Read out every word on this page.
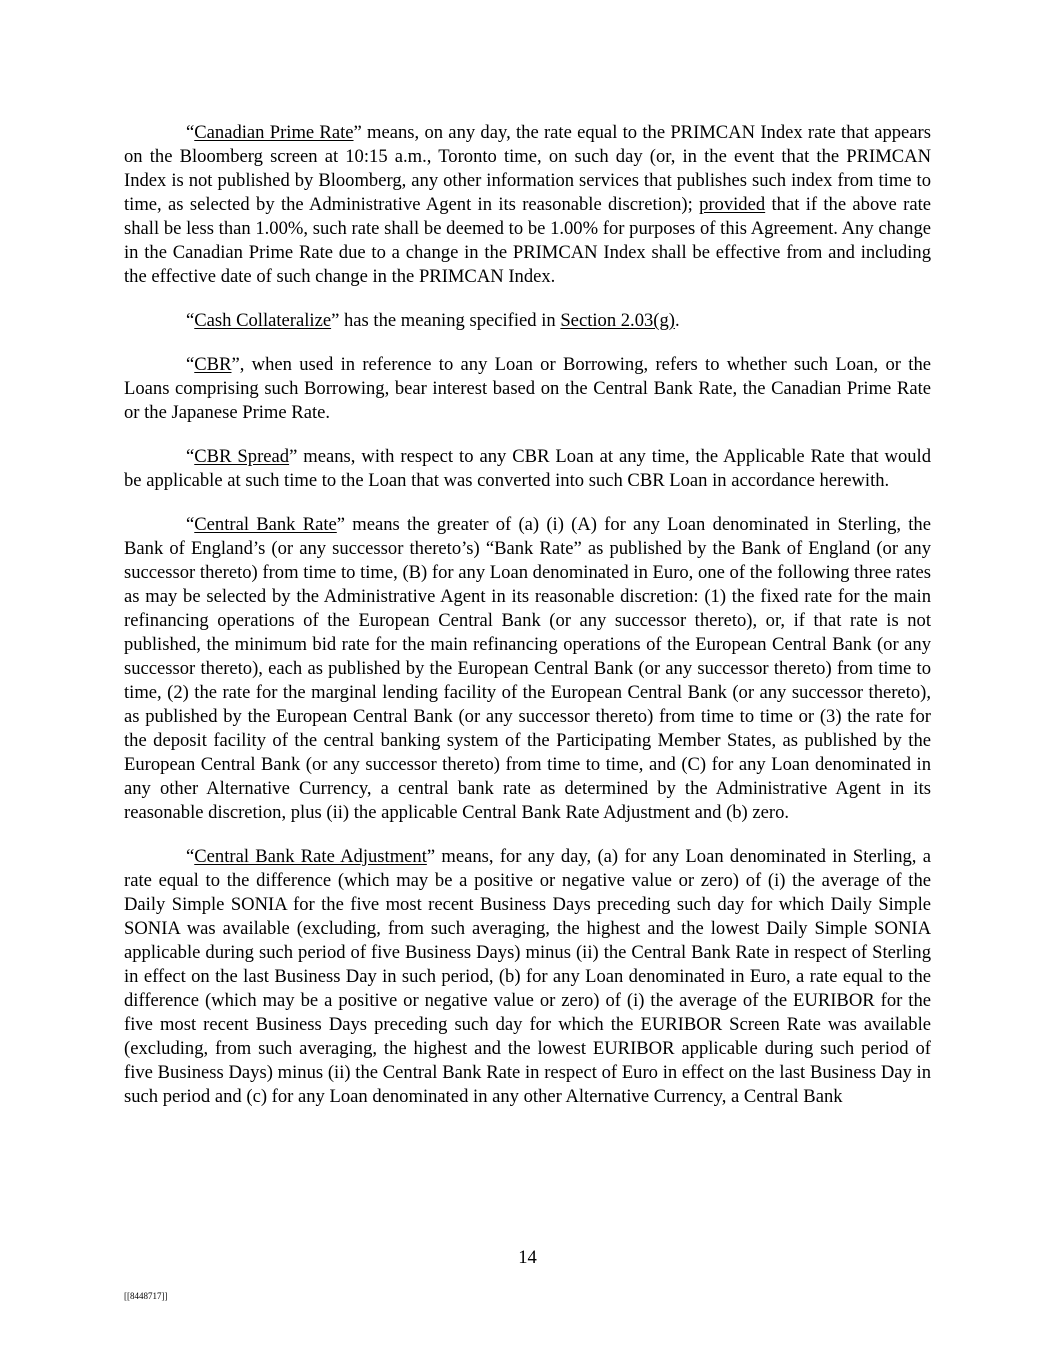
“Canadian Prime Rate” means, on any day, the rate equal to the PRIMCAN Index rate that appears on the Bloomberg screen at 10:15 a.m., Toronto time, on such day (or, in the event that the PRIMCAN Index is not published by Bloomberg, any other information services that publishes such index from time to time, as selected by the Administrative Agent in its reasonable discretion); provided that if the above rate shall be less than 1.00%, such rate shall be deemed to be 1.00% for purposes of this Agreement. Any change in the Canadian Prime Rate due to a change in the PRIMCAN Index shall be effective from and including the effective date of such change in the PRIMCAN Index.

“Cash Collateralize” has the meaning specified in Section 2.03(g).

“CBR”, when used in reference to any Loan or Borrowing, refers to whether such Loan, or the Loans comprising such Borrowing, bear interest based on the Central Bank Rate, the Canadian Prime Rate or the Japanese Prime Rate.

“CBR Spread” means, with respect to any CBR Loan at any time, the Applicable Rate that would be applicable at such time to the Loan that was converted into such CBR Loan in accordance herewith.

“Central Bank Rate” means the greater of (a) (i) (A) for any Loan denominated in Sterling, the Bank of England’s (or any successor thereto’s) “Bank Rate” as published by the Bank of England (or any successor thereto) from time to time, (B) for any Loan denominated in Euro, one of the following three rates as may be selected by the Administrative Agent in its reasonable discretion: (1) the fixed rate for the main refinancing operations of the European Central Bank (or any successor thereto), or, if that rate is not published, the minimum bid rate for the main refinancing operations of the European Central Bank (or any successor thereto), each as published by the European Central Bank (or any successor thereto) from time to time, (2) the rate for the marginal lending facility of the European Central Bank (or any successor thereto), as published by the European Central Bank (or any successor thereto) from time to time or (3) the rate for the deposit facility of the central banking system of the Participating Member States, as published by the European Central Bank (or any successor thereto) from time to time, and (C) for any Loan denominated in any other Alternative Currency, a central bank rate as determined by the Administrative Agent in its reasonable discretion, plus (ii) the applicable Central Bank Rate Adjustment and (b) zero.

“Central Bank Rate Adjustment” means, for any day, (a) for any Loan denominated in Sterling, a rate equal to the difference (which may be a positive or negative value or zero) of (i) the average of the Daily Simple SONIA for the five most recent Business Days preceding such day for which Daily Simple SONIA was available (excluding, from such averaging, the highest and the lowest Daily Simple SONIA applicable during such period of five Business Days) minus (ii) the Central Bank Rate in respect of Sterling in effect on the last Business Day in such period, (b) for any Loan denominated in Euro, a rate equal to the difference (which may be a positive or negative value or zero) of (i) the average of the EURIBOR for the five most recent Business Days preceding such day for which the EURIBOR Screen Rate was available (excluding, from such averaging, the highest and the lowest EURIBOR applicable during such period of five Business Days) minus (ii) the Central Bank Rate in respect of Euro in effect on the last Business Day in such period and (c) for any Loan denominated in any other Alternative Currency, a Central Bank

14
[[8448717]]
